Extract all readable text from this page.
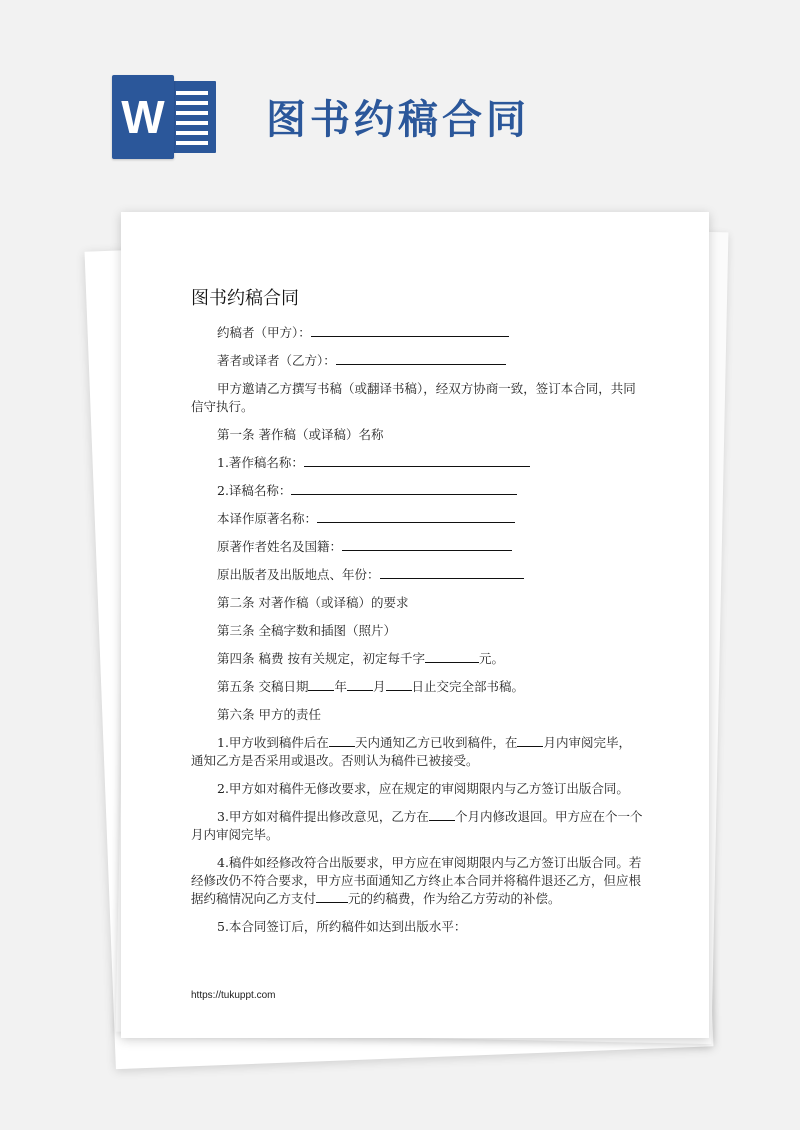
W	图书约稿合同
图书约稿合同

约稿者（甲方）：

著者或译者（乙方）：

甲方邀请乙方撰写书稿（或翻译书稿），经双方协商一致，签订本合同，共同信守执行。

第一条 著作稿（或译稿）名称

1.著作稿名称：

2.译稿名称：

本译作原著名称：

原著作者姓名及国籍：

原出版者及出版地点、年份：

第二条 对著作稿（或译稿）的要求

第三条 全稿字数和插图（照片）

第四条 稿费 按有关规定，初定每千字	元。

第五条 交稿日期 年 月 日止交完全部书稿。

第六条 甲方的责任

1.甲方收到稿件后在 天内通知乙方已收到稿件，在 月内审阅完毕，通知乙方是否采用或退改。否则认为稿件已被接受。

2.甲方如对稿件无修改要求，应在规定的审阅期限内与乙方签订出版合同。

3.甲方如对稿件提出修改意见，乙方在 个月内修改退回。甲方应在个一个月内审阅完毕。

4.稿件如经修改符合出版要求，甲方应在审阅期限内与乙方签订出版合同。若经修改仍不符合要求，甲方应书面通知乙方终止本合同并将稿件退还乙方，但应根据约稿情况向乙方支付	元的约稿费，作为给乙方劳动的补偿。

5.本合同签订后，所约稿件如达到出版水平：

https://tukuppt.com
